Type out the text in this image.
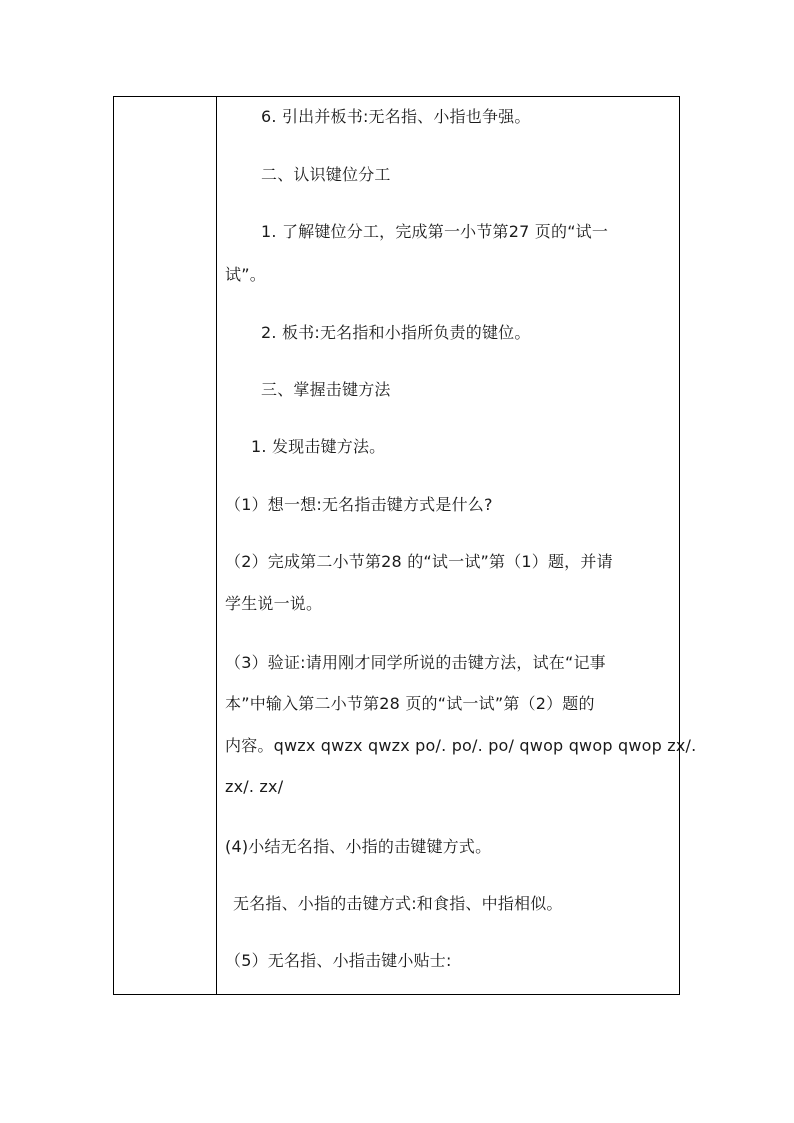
6. 引出并板书:无名指、小指也争强。
二、认识键位分工
1. 了解键位分工，完成第一小节第27 页的“试一
试”。
2. 板书:无名指和小指所负责的键位。
三、掌握击键方法
1. 发现击键方法。
（1）想一想:无名指击键方式是什么?
（2）完成第二小节第28 的“试一试”第（1）题，并请
学生说一说。
（3）验证:请用刚才同学所说的击键方法，试在“记事
本”中输入第二小节第28 页的“试一试”第（2）题的
内容。qwzx qwzx qwzx po/. po/. po/ qwop qwop qwop zx/.
zx/. zx/
(4)小结无名指、小指的击键键方式。
无名指、小指的击键方式:和食指、中指相似。
（5）无名指、小指击键小贴士:
